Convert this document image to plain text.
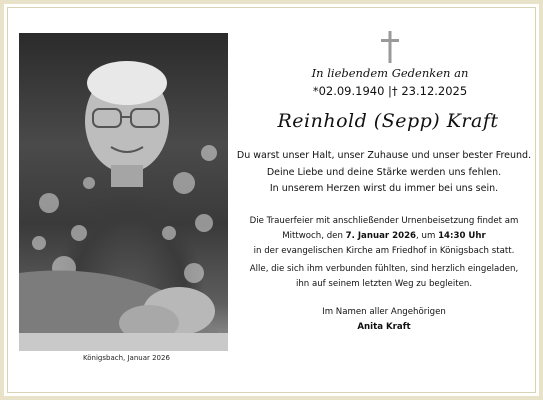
Königsbach, Januar 2026
In liebendem Gedenken an
*02.09.1940 |† 23.12.2025
Reinhold (Sepp) Kraft

Du warst unser Halt, unser Zuhause und unser bester Freund.

Deine Liebe und deine Stärke werden uns fehlen.

In unserem Herzen wirst du immer bei uns sein.

Die Trauerfeier mit anschließender Urnenbeisetzung findet am

Mittwoch, den 7. Januar 2026, um 14:30 Uhr

in der evangelischen Kirche am Friedhof in Königsbach statt.

Alle, die sich ihm verbunden fühlten, sind herzlich eingeladen,

ihn auf seinem letzten Weg zu begleiten.

Im Namen aller Angehörigen

Anita Kraft
